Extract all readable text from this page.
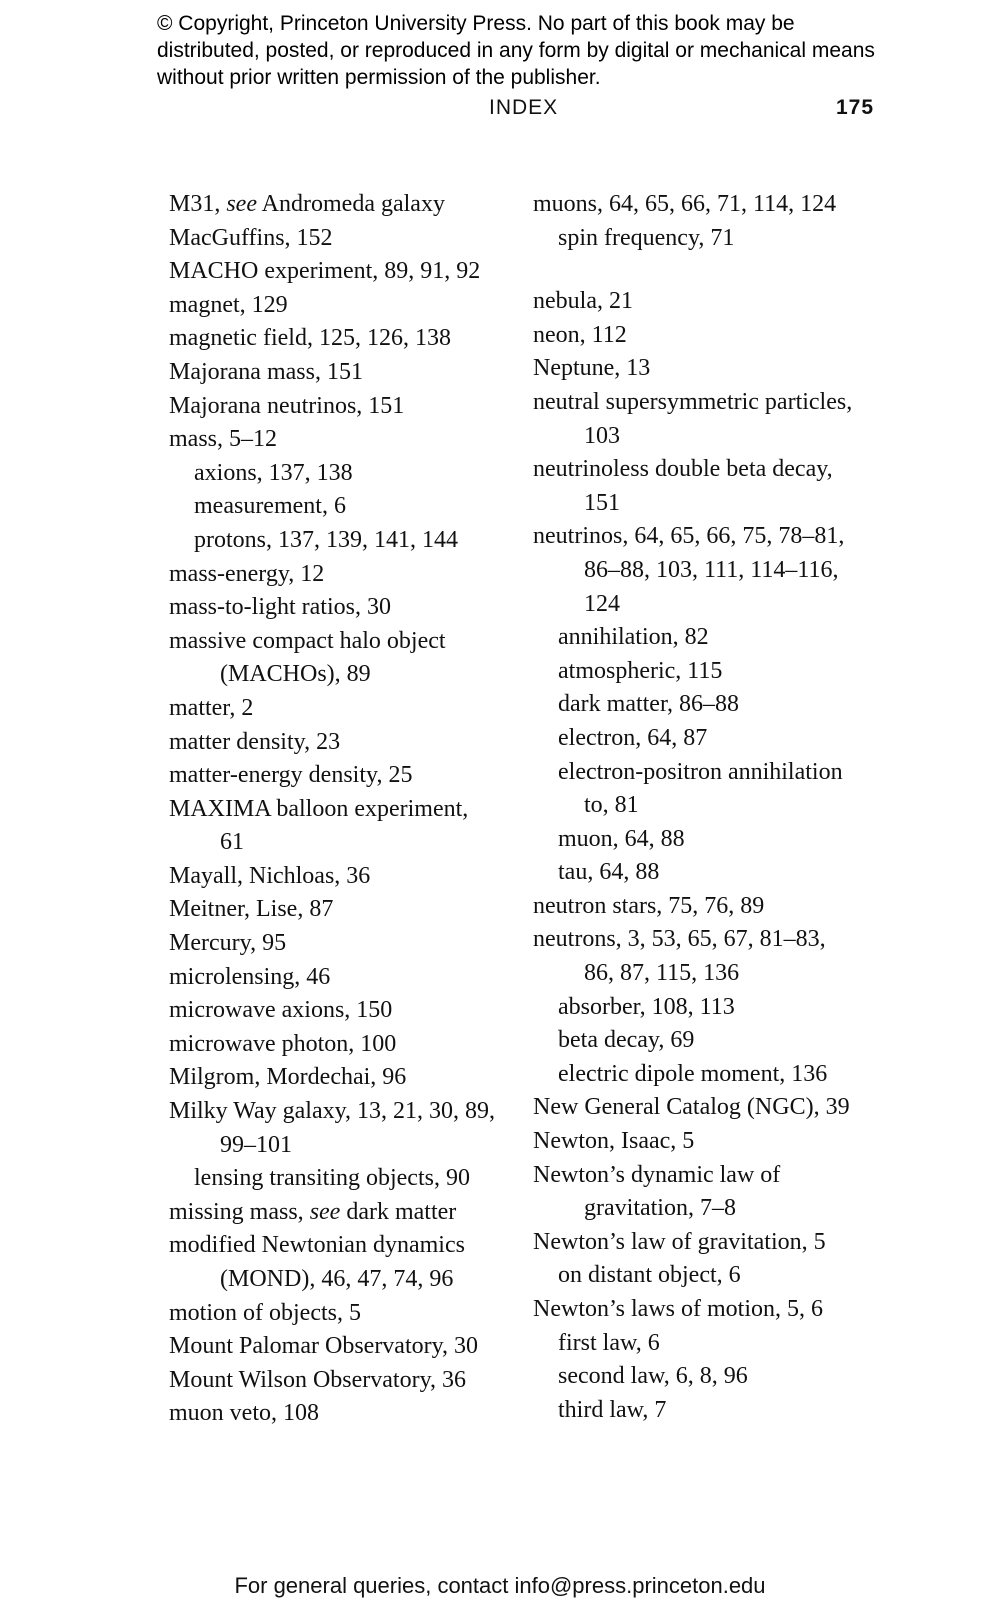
© Copyright, Princeton University Press. No part of this book may be distributed, posted, or reproduced in any form by digital or mechanical means without prior written permission of the publisher.
INDEX	175
M31, see Andromeda galaxy
MacGuffins, 152
MACHO experiment, 89, 91, 92
magnet, 129
magnetic field, 125, 126, 138
Majorana mass, 151
Majorana neutrinos, 151
mass, 5–12
axions, 137, 138
measurement, 6
protons, 137, 139, 141, 144
mass-energy, 12
mass-to-light ratios, 30
massive compact halo object
(MACHOs), 89
matter, 2
matter density, 23
matter-energy density, 25
MAXIMA balloon experiment,
61
Mayall, Nichloas, 36
Meitner, Lise, 87
Mercury, 95
microlensing, 46
microwave axions, 150
microwave photon, 100
Milgrom, Mordechai, 96
Milky Way galaxy, 13, 21, 30, 89,
99–101
lensing transiting objects, 90
missing mass, see dark matter
modified Newtonian dynamics
(MOND), 46, 47, 74, 96
motion of objects, 5
Mount Palomar Observatory, 30
Mount Wilson Observatory, 36
muon veto, 108
muons, 64, 65, 66, 71, 114, 124
spin frequency, 71
nebula, 21
neon, 112
Neptune, 13
neutral supersymmetric particles,
103
neutrinoless double beta decay,
151
neutrinos, 64, 65, 66, 75, 78–81,
86–88, 103, 111, 114–116,
124
annihilation, 82
atmospheric, 115
dark matter, 86–88
electron, 64, 87
electron-positron annihilation
to, 81
muon, 64, 88
tau, 64, 88
neutron stars, 75, 76, 89
neutrons, 3, 53, 65, 67, 81–83,
86, 87, 115, 136
absorber, 108, 113
beta decay, 69
electric dipole moment, 136
New General Catalog (NGC), 39
Newton, Isaac, 5
Newton’s dynamic law of
gravitation, 7–8
Newton’s law of gravitation, 5
on distant object, 6
Newton’s laws of motion, 5, 6
first law, 6
second law, 6, 8, 96
third law, 7
For general queries, contact info@press.princeton.edu
